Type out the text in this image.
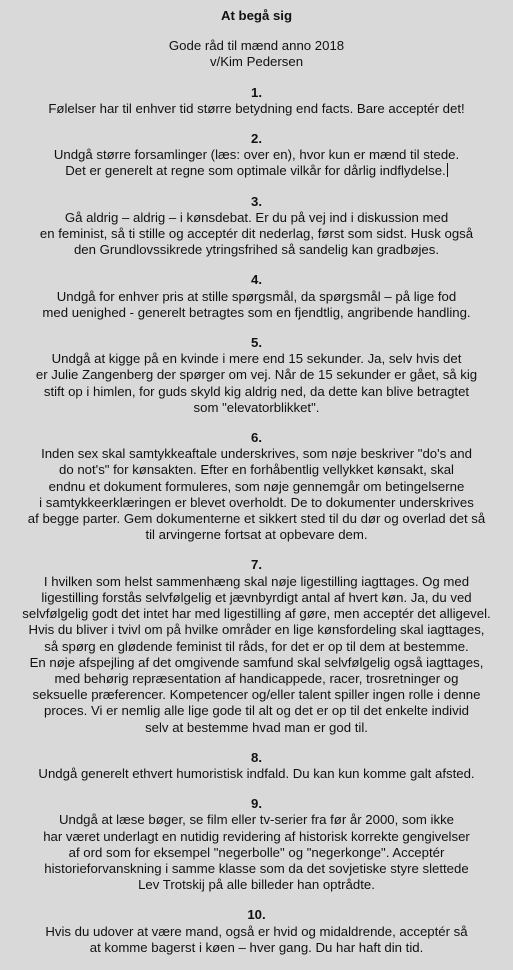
At begå sig
Gode råd til mænd anno 2018
v/Kim Pedersen
1.
Følelser har til enhver tid større betydning end facts. Bare acceptér det!
2.
Undgå større forsamlinger (læs: over en), hvor kun er mænd til stede.
Det er generelt at regne som optimale vilkår for dårlig indflydelse.
3.
Gå aldrig – aldrig – i kønsdebat. Er du på vej ind i diskussion med
en feminist, så ti stille og acceptér dit nederlag, først som sidst. Husk også
den Grundlovssikrede ytringsfrihed så sandelig kan gradbøjes.
4.
Undgå for enhver pris at stille spørgsmål, da spørgsmål – på lige fod
med uenighed - generelt betragtes som en fjendtlig, angribende handling.
5.
Undgå at kigge på en kvinde i mere end 15 sekunder. Ja, selv hvis det
er Julie Zangenberg der spørger om vej. Når de 15 sekunder er gået, så kig
stift op i himlen, for guds skyld kig aldrig ned, da dette kan blive betragtet
som "elevatorblikket".
6.
Inden sex skal samtykkeaftale underskrives, som nøje beskriver "do's and
do not's" for kønsakten. Efter en forhåbentlig vellykket kønsakt, skal
endnu et dokument formuleres, som nøje gennemgår om betingelserne
i samtykkeerklæringen er blevet overholdt. De to dokumenter underskrives
af begge parter. Gem dokumenterne et sikkert sted til du dør og overlad det så
til arvingerne fortsat at opbevare dem.
7.
I hvilken som helst sammenhæng skal nøje ligestilling iagttages. Og med
ligestilling forstås selvfølgelig et jævnbyrdigt antal af hvert køn. Ja, du ved
selvfølgelig godt det intet har med ligestilling af gøre, men acceptér det alligevel.
Hvis du bliver i tvivl om på hvilke områder en lige kønsfordeling skal iagttages,
så spørg en glødende feminist til råds, for det er op til dem at bestemme.
En nøje afspejling af det omgivende samfund skal selvfølgelig også iagttages,
med behørig repræsentation af handicappede, racer, trosretninger og
seksuelle præferencer. Kompetencer og/eller talent spiller ingen rolle i denne
proces. Vi er nemlig alle lige gode til alt og det er op til det enkelte individ
selv at bestemme hvad man er god til.
8.
Undgå generelt ethvert humoristisk indfald. Du kan kun komme galt afsted.
9.
Undgå at læse bøger, se film eller tv-serier fra før år 2000, som ikke
har været underlagt en nutidig revidering af historisk korrekte gengivelser
af ord som for eksempel "negerbolle" og "negerkonge". Acceptér
historieforvanskning i samme klasse som da det sovjetiske styre slettede
Lev Trotskij på alle billeder han optrådte.
10.
Hvis du udover at være mand, også er hvid og midaldrende, acceptér så
at komme bagerst i køen – hver gang. Du har haft din tid.
